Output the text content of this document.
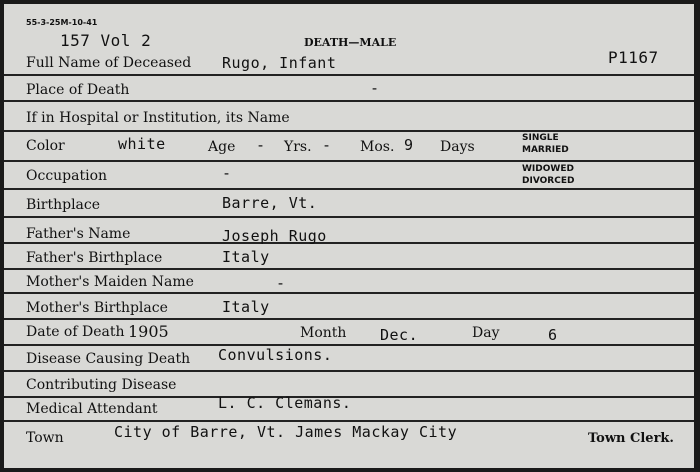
55-3-25M-10-41
157 Vol 2	DEATH—MALE
P1167
Full Name of Deceased Rugo, Infant
Place of Death	-
If in Hospital or Institution, its Name
Color	white	Age - Yrs. - Mos. 9 Days
SINGLE
MARRIED
Occupation	-	WIDOWED
DIVORCED
Birthplace	Barre, Vt.
Father's Name	Joseph Rugo
Father's Birthplace	Italy
Mother's Maiden Name	-
Mother's Birthplace	Italy
Date of Death 1905	Month Dec.	Day	6
Disease Causing Death Convulsions.
Contributing Disease
Medical Attendant	L. C. Clemans.
Town	City of Barre, Vt. James Mackay City	Town Clerk.
